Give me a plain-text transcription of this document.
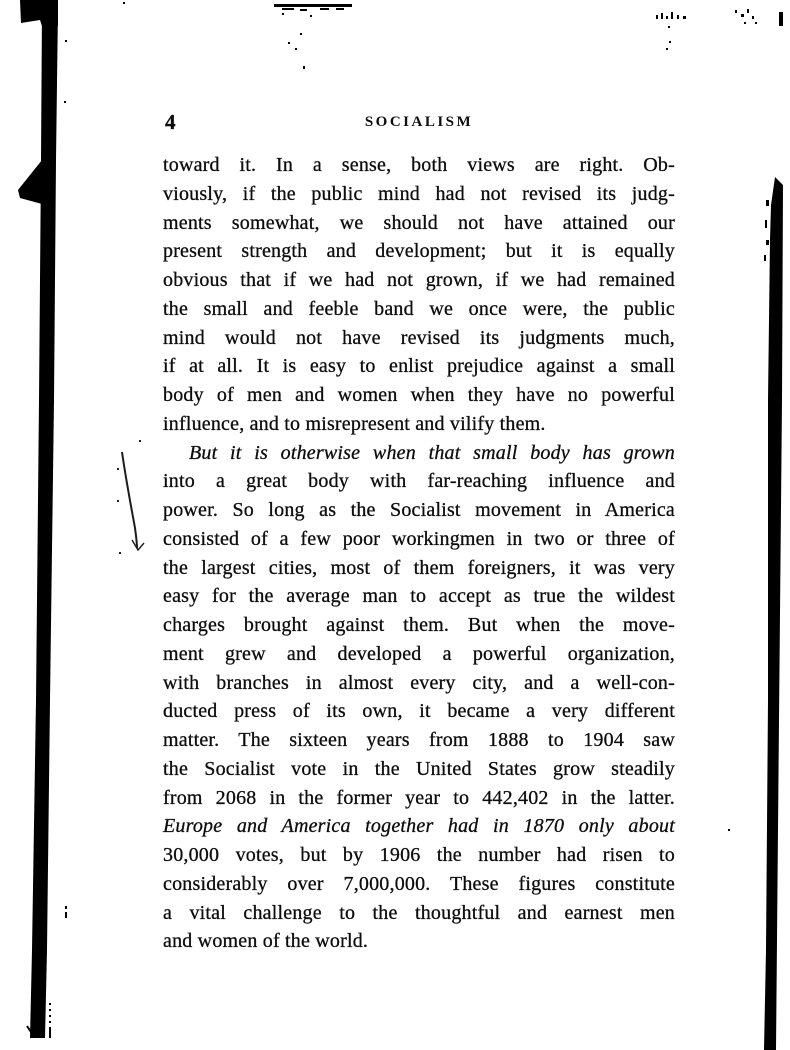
4	SOCIALISM
toward it. In a sense, both views are right. Ob-
viously, if the public mind had not revised its judg-
ments somewhat, we should not have attained our
present strength and development; but it is equally
obvious that if we had not grown, if we had remained
the small and feeble band we once were, the public
mind would not have revised its judgments much,
if at all. It is easy to enlist prejudice against a small
body of men and women when they have no powerful
influence, and to misrepresent and vilify them.
But it is otherwise when that small body has grown
into a great body with far-reaching influence and
power. So long as the Socialist movement in America
consisted of a few poor workingmen in two or three of
the largest cities, most of them foreigners, it was very
easy for the average man to accept as true the wildest
charges brought against them. But when the move-
ment grew and developed a powerful organization,
with branches in almost every city, and a well-con-
ducted press of its own, it became a very different
matter. The sixteen years from 1888 to 1904 saw
the Socialist vote in the United States grow steadily
from 2068 in the former year to 442,402 in the latter.
Europe and America together had in 1870 only about
30,000 votes, but by 1906 the number had risen to
considerably over 7,000,000. These figures constitute
a vital challenge to the thoughtful and earnest men
and women of the world.
